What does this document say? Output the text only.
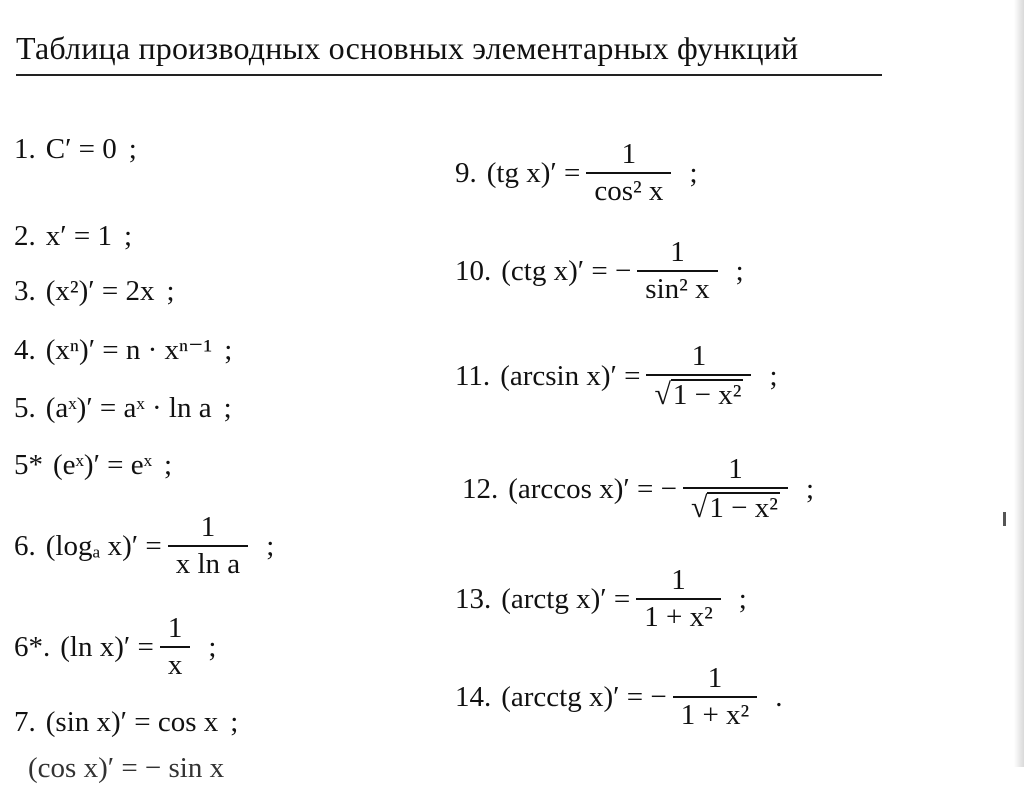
Таблица производных основных элементарных функций
1. C′ = 0 ;
2. x′ = 1 ;
3. (x²)′ = 2x ;
4. (xⁿ)′ = n · xⁿ⁻¹ ;
5. (aˣ)′ = aˣ · ln a ;
5* (eˣ)′ = eˣ ;
6. (logₐ $x)' = \frac{1}{\text{x ln a}}$ ;
6*. (ln $x)' = \frac{1}{x}$ ;
7. (sin x)′ = cos x ;
(cos x)′ = − sin x
9. (tg $x)' = \frac{1}{\text{cos² x}}$ ;
10. (ctg x)′ = − $\frac{1}{\text{sin² x}}$ ;
11. (arcsin $x)' = \frac{1}{\text{√ 1 − x²}}$ ;
12. (arccos x)′ = − $\frac{1}{\text{√ 1 − x²}}$ ;
13. (arctg $x)' = \frac{1}{\text{1 + x²}}$ ;
14. (arcctg x)′ = − $\frac{1}{\text{1 + x²}}$ .
